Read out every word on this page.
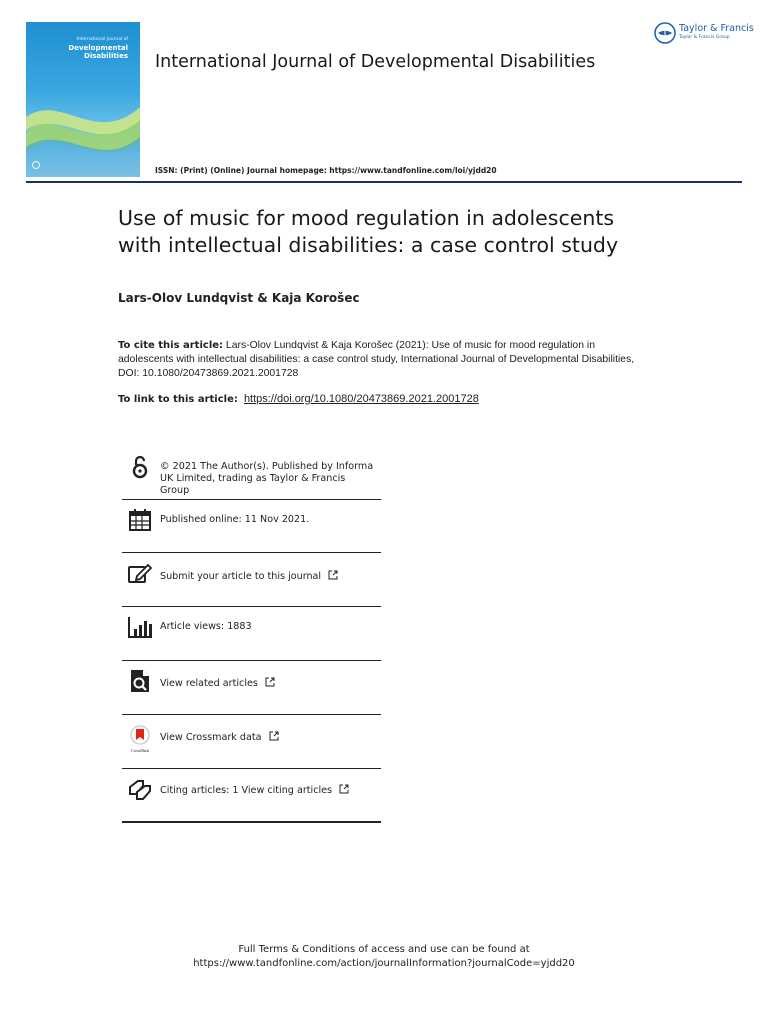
International Journal of
Developmental
Disabilities International Journal of Developmental Disabilities
Taylor & Francis
Taylor & Francis Group
ISSN: (Print) (Online) Journal homepage: https://www.tandfonline.com/loi/yjdd20
Use of music for mood regulation in adolescents
with intellectual disabilities: a case control study
Lars-Olov Lundqvist & Kaja Korošec
To cite this article: Lars-Olov Lundqvist & Kaja Korošec (2021): Use of music for mood regulation in adolescents with intellectual disabilities: a case control study, International Journal of Developmental Disabilities, DOI: 10.1080/20473869.2021.2001728
To link to this article: https://doi.org/10.1080/20473869.2021.2001728
© 2021 The Author(s). Published by Informa
UK Limited, trading as Taylor & Francis
Group
Published online: 11 Nov 2021.
Submit your article to this journal
Article views: 1883
View related articles
CrossMark
View Crossmark data
Citing articles: 1 View citing articles
Full Terms & Conditions of access and use can be found at
https://www.tandfonline.com/action/journalInformation?journalCode=yjdd20
